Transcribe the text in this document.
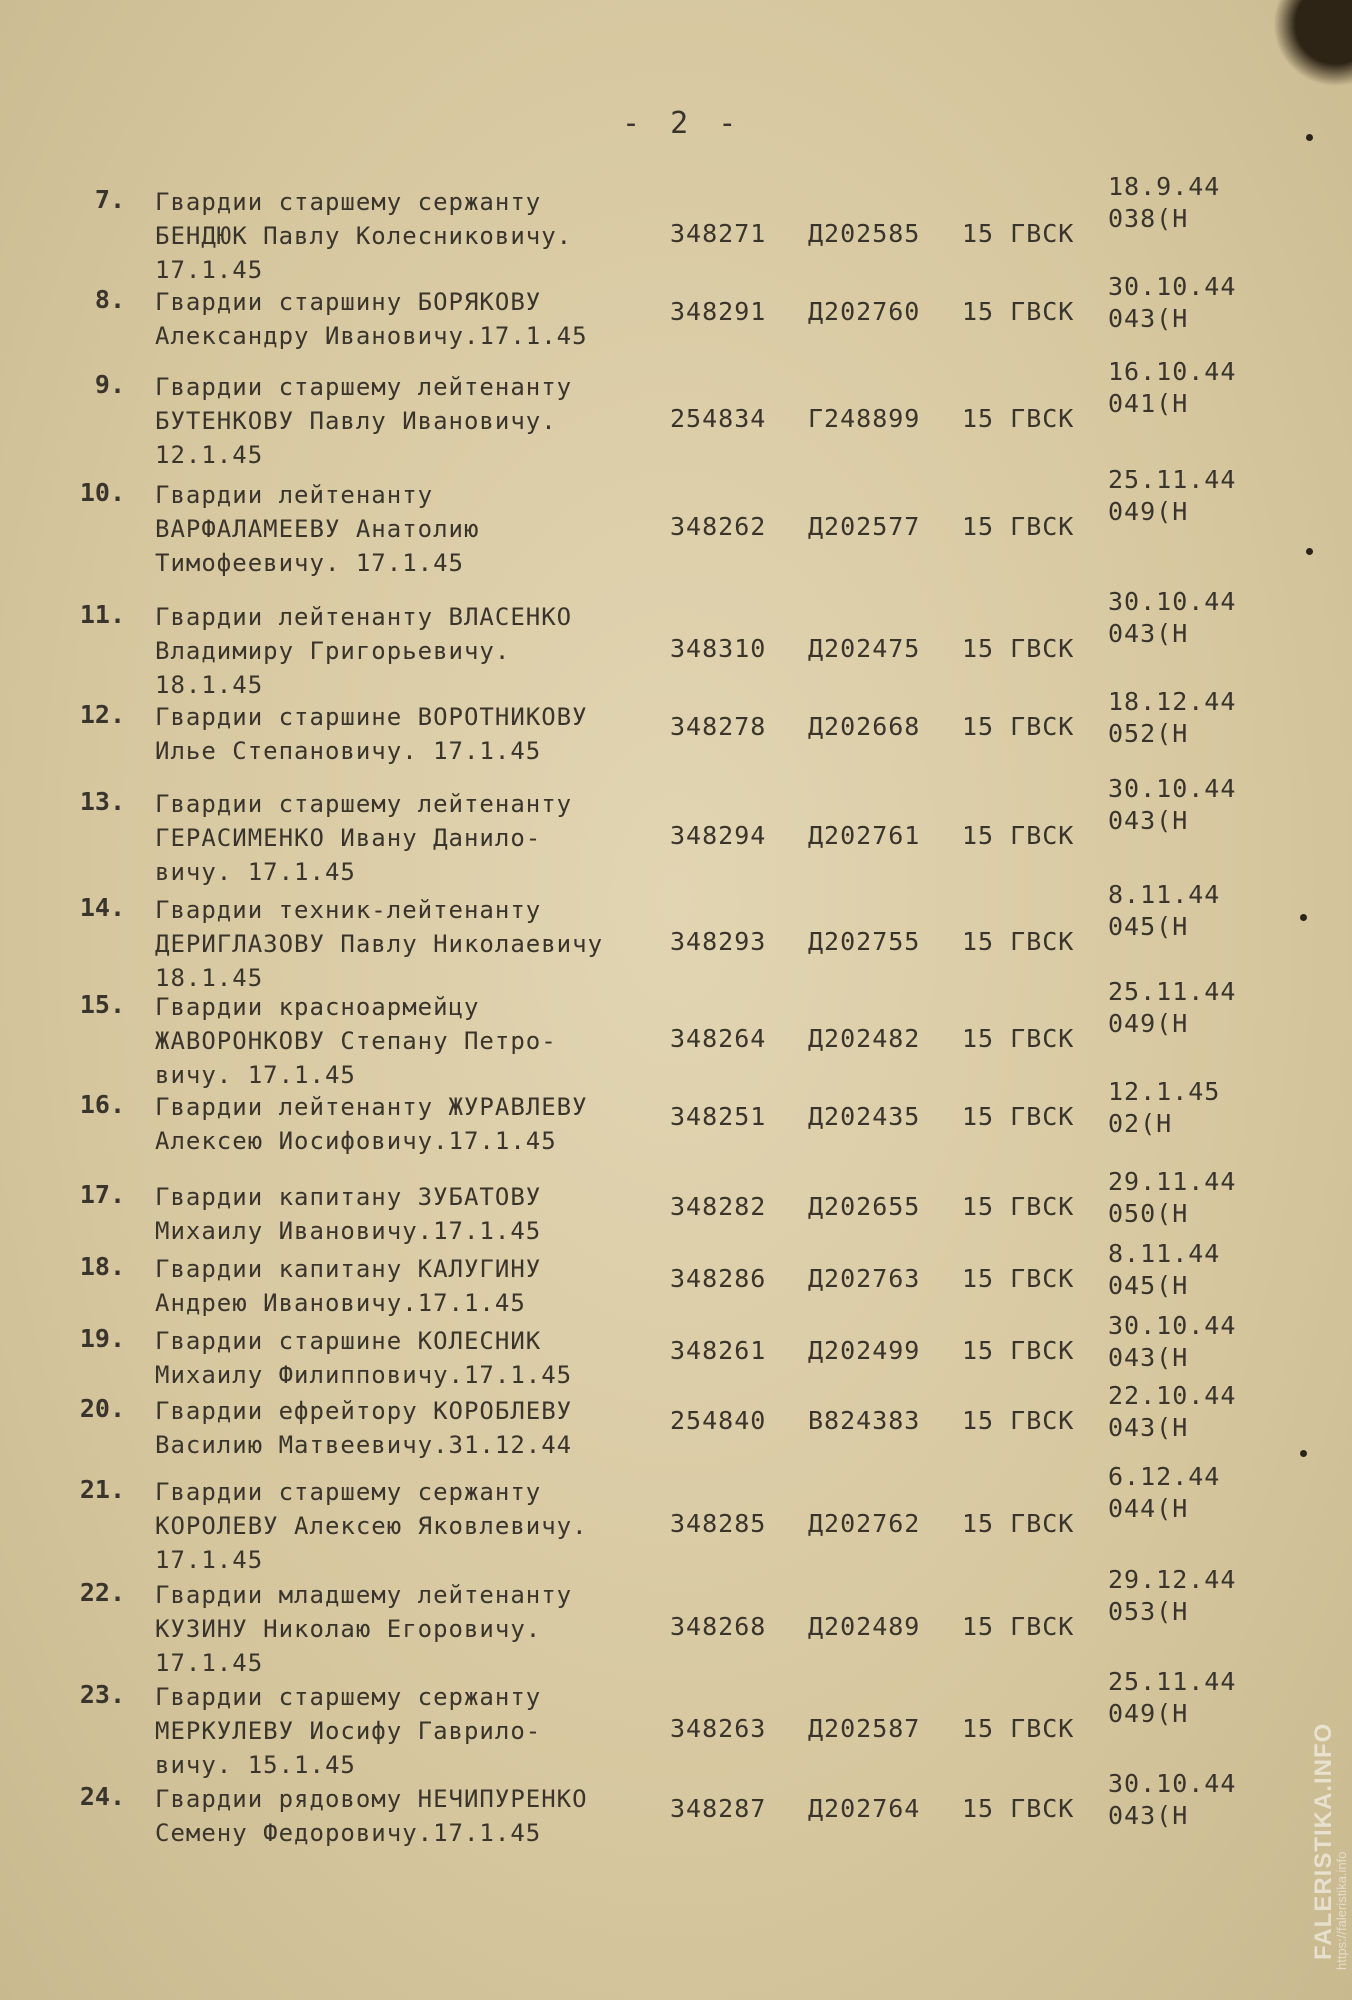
- 2 -
7. Гвардии старшему сержанту
БЕНДЮК Павлу Колесниковичу.
17.1.45
348271 Д202585 15 ГВСК
18.9.44
038(Н
8. Гвардии старшину БОРЯКОВУ
Александру Ивановичу.17.1.45
348291 Д202760 15 ГВСК
30.10.44
043(Н
9. Гвардии старшему лейтенанту
БУТЕНКОВУ Павлу Ивановичу.
12.1.45
254834 Г248899 15 ГВСК
16.10.44
041(Н
10. Гвардии лейтенанту
ВАРФАЛАМЕЕВУ Анатолию
Тимофеевичу. 17.1.45
348262 Д202577 15 ГВСК
25.11.44
049(Н
11. Гвардии лейтенанту ВЛАСЕНКО
Владимиру Григорьевичу.
18.1.45
348310 Д202475 15 ГВСК
30.10.44
043(Н
12. Гвардии старшине ВОРОТНИКОВУ
Илье Степановичу. 17.1.45
348278 Д202668 15 ГВСК
18.12.44
052(Н
13. Гвардии старшему лейтенанту
ГЕРАСИМЕНКО Ивану Данило-
вичу. 17.1.45
348294 Д202761 15 ГВСК
30.10.44
043(Н
14. Гвардии техник-лейтенанту
ДЕРИГЛАЗОВУ Павлу Николаевичу
18.1.45
348293 Д202755 15 ГВСК
8.11.44
045(Н
15. Гвардии красноармейцу
ЖАВОРОНКОВУ Степану Петро-
вичу. 17.1.45
348264 Д202482 15 ГВСК
25.11.44
049(Н
16. Гвардии лейтенанту ЖУРАВЛЕВУ
Алексею Иосифовичу.17.1.45
348251 Д202435 15 ГВСК
12.1.45
02(Н
17. Гвардии капитану ЗУБАТОВУ
Михаилу Ивановичу.17.1.45
348282 Д202655 15 ГВСК
29.11.44
050(Н
18. Гвардии капитану КАЛУГИНУ
Андрею Ивановичу.17.1.45
348286 Д202763 15 ГВСК
8.11.44
045(Н
19. Гвардии старшине КОЛЕСНИК
Михаилу Филипповичу.17.1.45
348261 Д202499 15 ГВСК
30.10.44
043(Н
20. Гвардии ефрейтору КОРОБЛЕВУ
Василию Матвеевичу.31.12.44
254840 В824383 15 ГВСК
22.10.44
043(Н
21. Гвардии старшему сержанту
КОРОЛЕВУ Алексею Яковлевичу.
17.1.45
348285 Д202762 15 ГВСК
6.12.44
044(Н
22. Гвардии младшему лейтенанту
КУЗИНУ Николаю Егоровичу.
17.1.45
348268 Д202489 15 ГВСК
29.12.44
053(Н
23. Гвардии старшему сержанту
МЕРКУЛЕВУ Иосифу Гаврило-
вичу. 15.1.45
348263 Д202587 15 ГВСК
25.11.44
049(Н
24. Гвардии рядовому НЕЧИПУРЕНКО
Семену Федоровичу.17.1.45
348287 Д202764 15 ГВСК
30.10.44
043(Н	FALERISTIKA.INFO
https://faleristika.info
